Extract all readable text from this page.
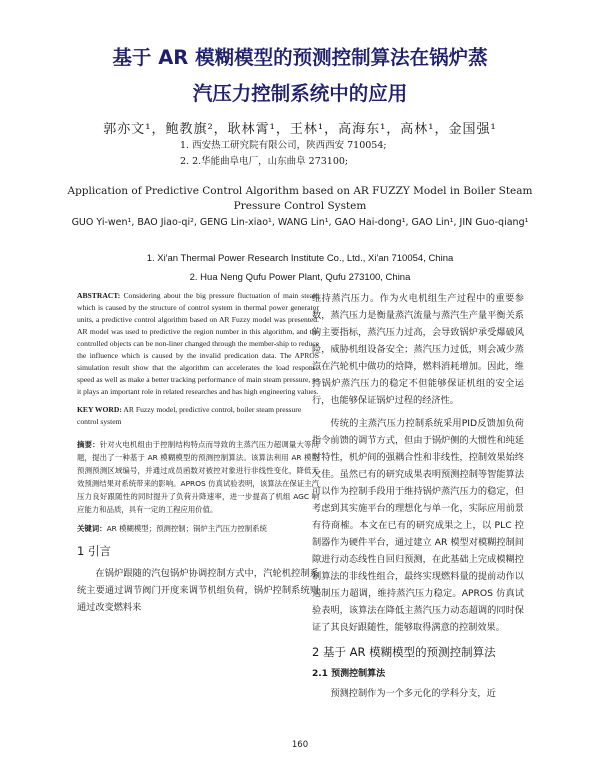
基于 AR 模糊模型的预测控制算法在锅炉蒸
汽压力控制系统中的应用
郭亦文¹，鲍教旗²，耿林霄¹，王林¹，高海东¹，高林¹，金国强¹
1. 西安热工研究院有限公司，陕西西安 710054;
2. 2.华能曲阜电厂，山东曲阜 273100;
Application of Predictive Control Algorithm based on AR FUZZY Model in Boiler Steam Pressure Control System
GUO Yi-wen¹, BAO Jiao-qi², GENG Lin-xiao¹, WANG Lin¹, GAO Hai-dong¹, GAO Lin¹, JIN Guo-qiang¹
1. Xi'an Thermal Power Research Institute Co., Ltd., Xi'an 710054, China
2. Hua Neng Qufu Power Plant, Qufu 273100, China

ABSTRACT: Considering about the big pressure fluctuation of main steam which is caused by the structure of control system in thermal power generator units, a predictive control algorithm based on AR Fuzzy model was presented. AR model was used to predictive the region number in this algorithm, and the controlled objects can be non-liner changed through the member-ship to reduce the influence which is caused by the invalid predication data. The APROS simulation result show that the algorithm can accelerates the load response speed as well as make a better tracking performance of main steam pressure, so it plays an important role in related researches and has high engineering values.

KEY WORD: AR Fuzzy model, predictive control, boiler steam pressure control system

摘要：针对火电机组由于控制结构特点而导致的主蒸汽压力超调量大等问题，提出了一种基于 AR 模糊模型的预测控制算法。该算法利用 AR 模型预测预测区域编号，并通过成员函数对被控对象进行非线性变化，降低无效预测结果对系统带来的影响。APROS 仿真试验表明，该算法在保证主汽压力良好跟随性的同时提升了负荷升降速率，进一步提高了机组 AGC 响应能力和品质，具有一定的工程应用价值。

关键词：AR 模糊模型；预测控制；锅炉主汽压力控制系统

1 引言

在锅炉跟随的汽包锅炉协调控制方式中，汽轮机控制系统主要通过调节阀门开度来调节机组负荷，锅炉控制系统则通过改变燃料来

维持蒸汽压力。作为火电机组生产过程中的重要参数，蒸汽压力是衡量蒸汽流量与蒸汽生产量平衡关系的主要指标，蒸汽压力过高，会导致锅炉承受爆破风险，威胁机组设备安全；蒸汽压力过低，则会减少蒸汽在汽轮机中做功的焓降，燃料消耗增加。因此，维持锅炉蒸汽压力的稳定不但能够保证机组的安全运行，也能够保证锅炉过程的经济性。

传统的主蒸汽压力控制系统采用PID反馈加负荷指令前馈的调节方式，但由于锅炉侧的大惯性和纯延时特性，机炉间的强耦合性和非线性，控制效果始终欠佳。虽然已有的研究成果表明预测控制等智能算法可以作为控制手段用于维持锅炉蒸汽压力的稳定，但考虑到其实施平台的理想化与单一化，实际应用前景有待商榷。本文在已有的研究成果之上，以 PLC 控制器作为硬件平台，通过建立 AR 模型对模糊控制间隙进行动态线性自回归预测，在此基础上完成模糊控制算法的非线性组合，最终实现燃料量的提前动作以遏制压力超调，维持蒸汽压力稳定。APROS 仿真试验表明，该算法在降低主蒸汽压力动态超调的同时保证了其良好跟随性，能够取得满意的控制效果。

2 基于 AR 模糊模型的预测控制算法
2.1 预测控制算法

预测控制作为一个多元化的学科分支，近

160
